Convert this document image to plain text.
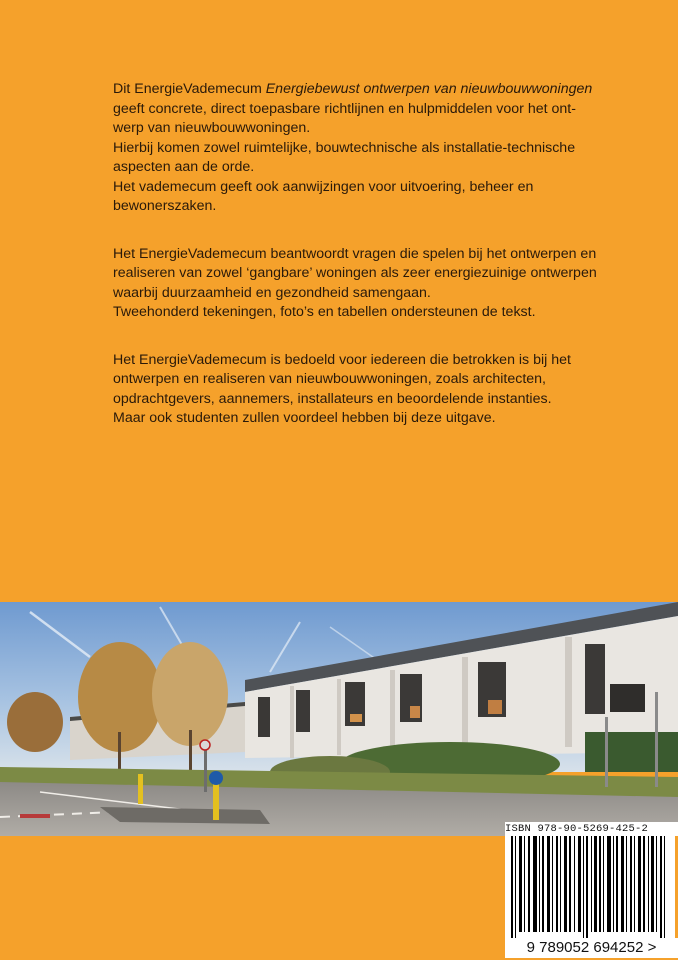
Dit EnergieVademecum Energiebewust ontwerpen van nieuwbouwwoningen

geeft concrete, direct toepasbare richtlijnen en hulpmiddelen voor het ont-

werp van nieuwbouwwoningen.

Hierbij komen zowel ruimtelijke, bouwtechnische als installatie-technische

aspecten aan de orde.

Het vademecum geeft ook aanwijzingen voor uitvoering, beheer en

bewonerszaken.

Het EnergieVademecum beantwoordt vragen die spelen bij het ontwerpen en

realiseren van zowel ‘gangbare’ woningen als zeer energiezuinige ontwerpen

waarbij duurzaamheid en gezondheid samengaan.

Tweehonderd tekeningen, foto’s en tabellen ondersteunen de tekst.

Het EnergieVademecum is bedoeld voor iedereen die betrokken is bij het

ontwerpen en realiseren van nieuwbouwwoningen, zoals architecten,

opdrachtgevers, aannemers, installateurs en beoordelende instanties.

Maar ook studenten zullen voordeel hebben bij deze uitgave.

ISBN 978-90-5269-425-2
9 789052 694252 >
